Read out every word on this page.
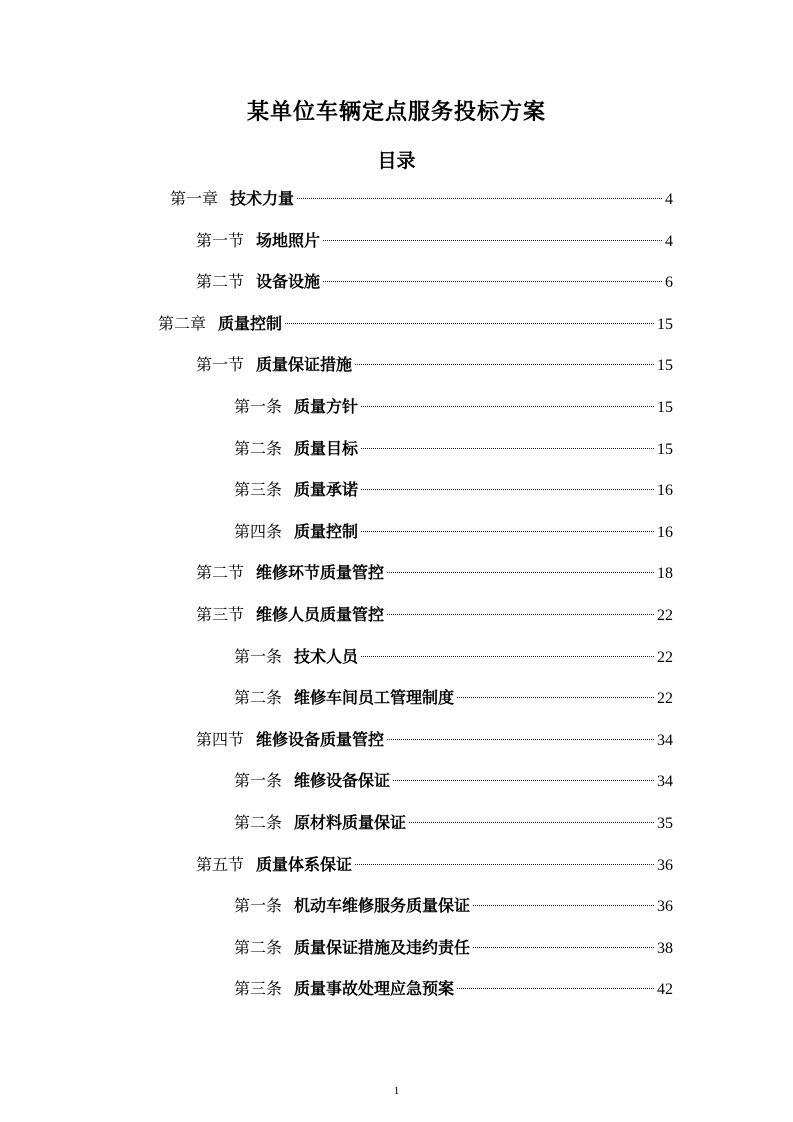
某单位车辆定点服务投标方案
目录
第一章 技术力量	4
第一节 场地照片	4
第二节 设备设施	6
第二章 质量控制	15
第一节 质量保证措施	15
第一条 质量方针	15
第二条 质量目标	15
第三条 质量承诺	16
第四条 质量控制	16
第二节 维修环节质量管控	18
第三节 维修人员质量管控	22
第一条 技术人员	22
第二条 维修车间员工管理制度	22
第四节 维修设备质量管控	34
第一条 维修设备保证	34
第二条 原材料质量保证	35
第五节 质量体系保证	36
第一条 机动车维修服务质量保证	36
第二条 质量保证措施及违约责任	38
第三条 质量事故处理应急预案	42
1
